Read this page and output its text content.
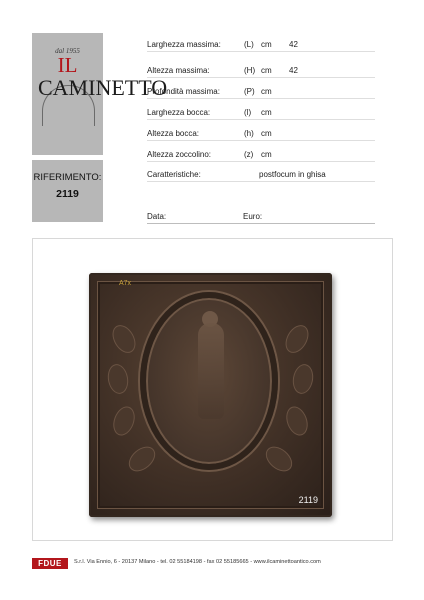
dal 1955
IL
CAMINETTO
RIFERIMENTO:
2119
Larghezza massima:	(L) cm 42
Altezza massima:	(H) cm 42
Profondità massima:	(P) cm
Larghezza bocca:	(l) cm
Altezza bocca:	(h) cm
Altezza zoccolino:	(z) cm
Caratteristiche:	postfocum in ghisa
Data:	Euro:
A7x
2119
FDUE	S.r.l. Via Ennio, 6 - 20137 Milano - tel. 02 55184198 - fax 02 55185665 - www.ilcaminettoantico.com
